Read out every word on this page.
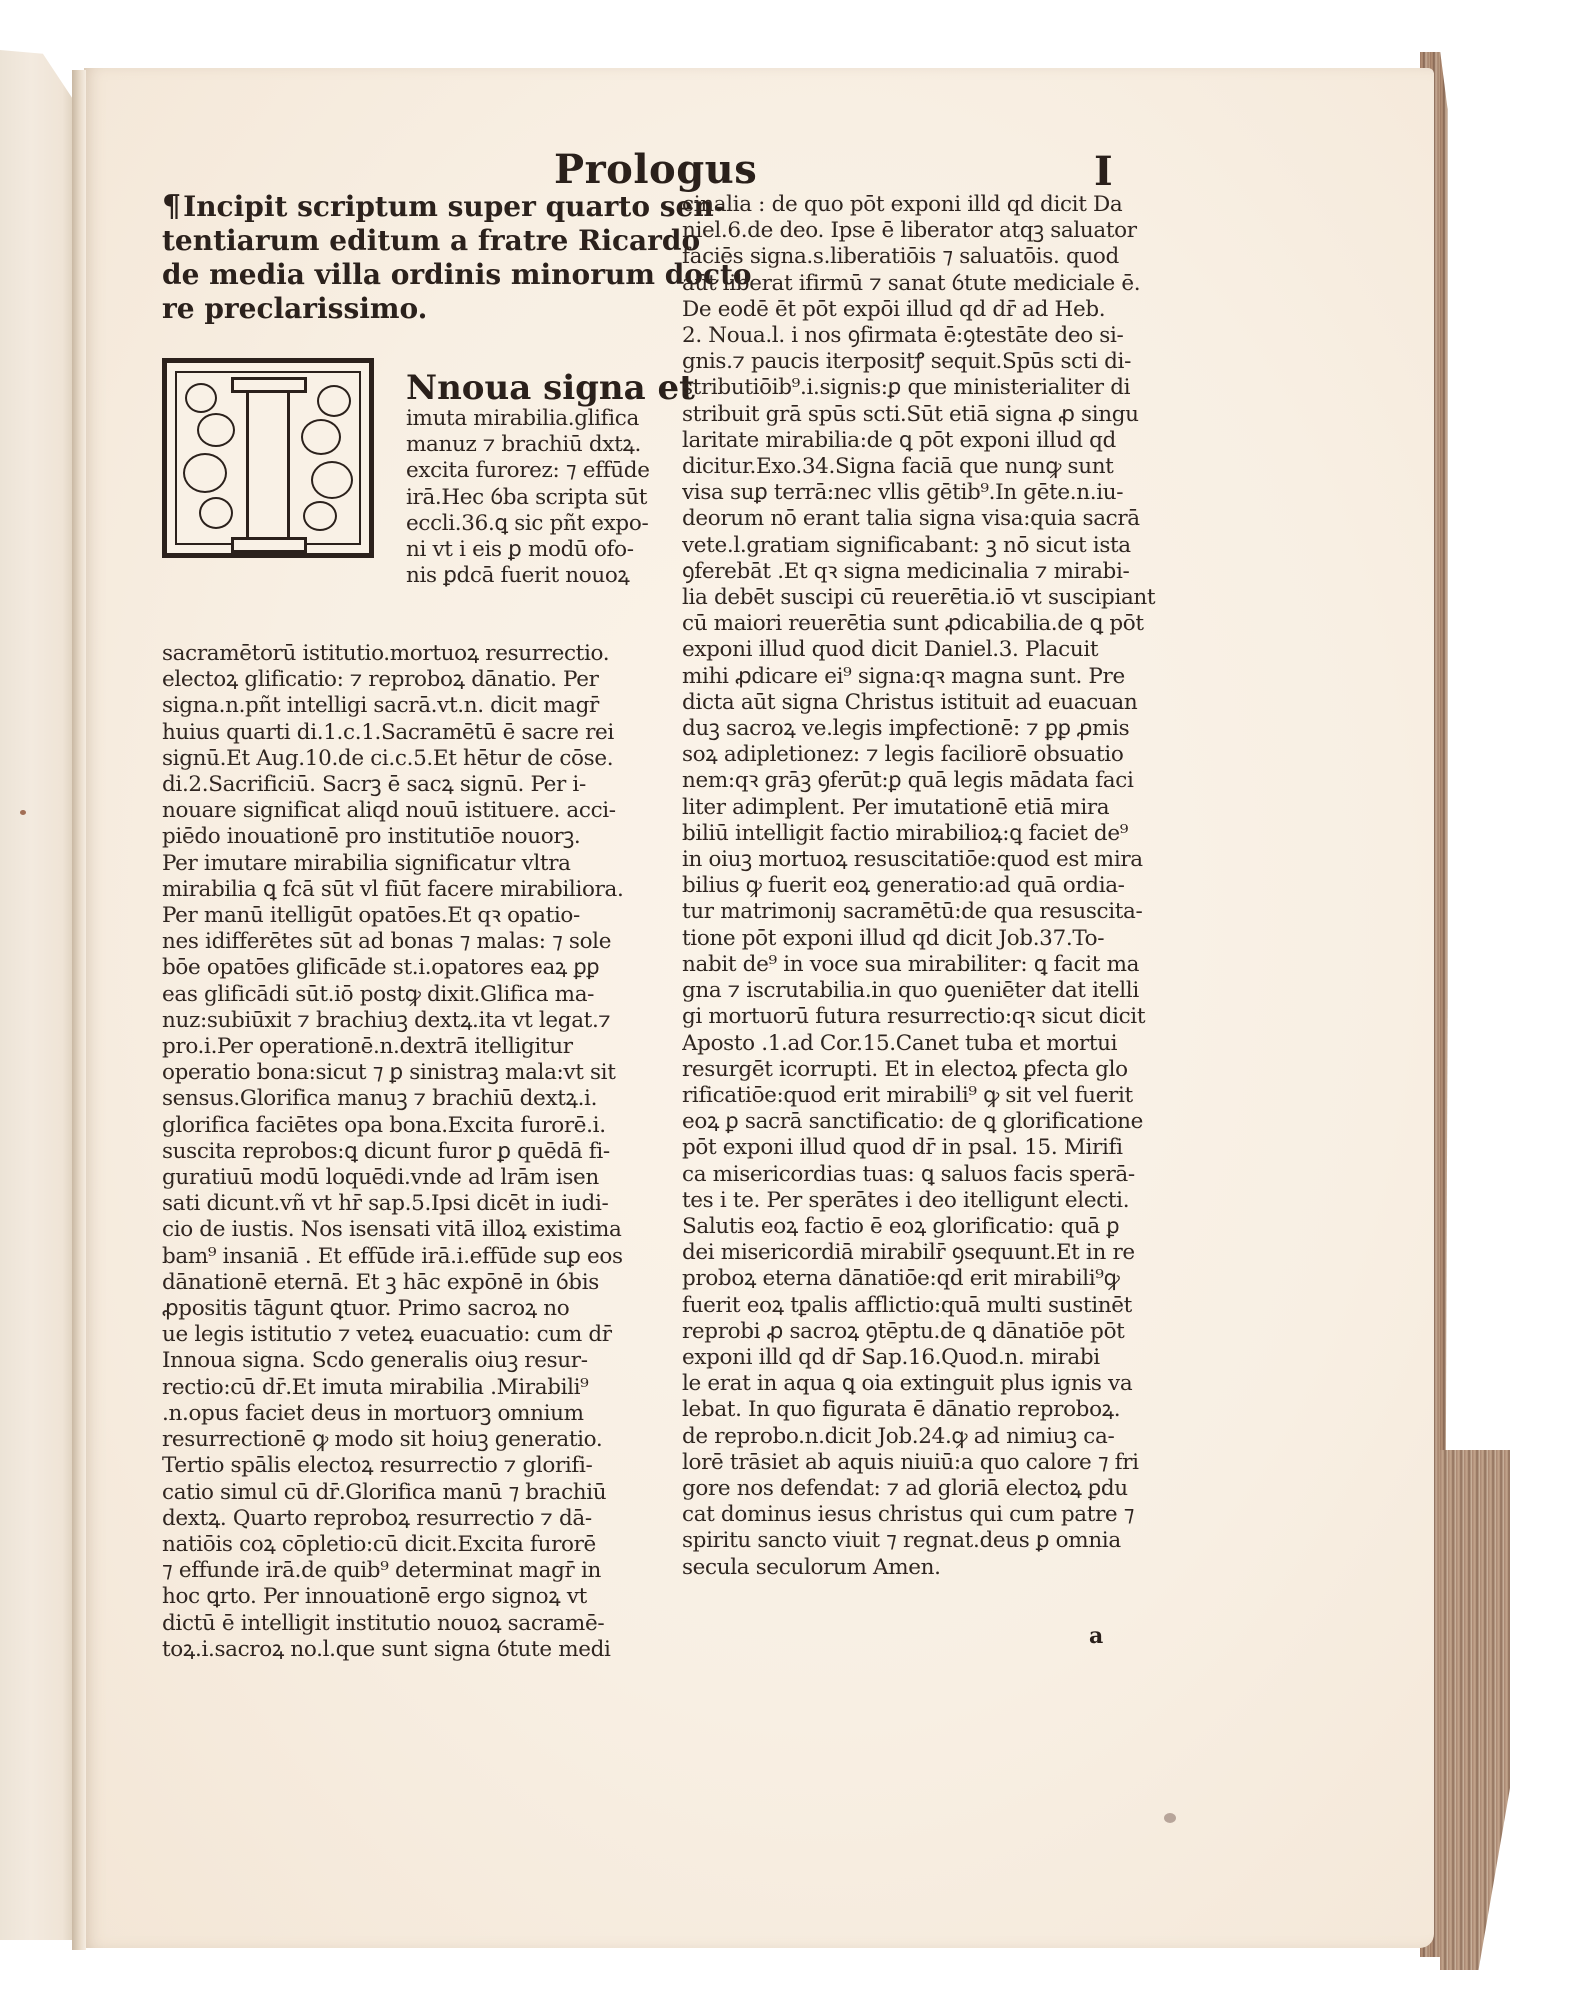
Prologus	I
¶Incipit scriptum super quarto sen-
tentiarum editum a fratre Ricardo
de media villa ordinis minorum docto
re preclarissimo.
Nnoua signa et
imuta mirabilia.glifica
manuz ⁊ brachiū dxtꝝ.
excita furorez: ⁊ effūde
irā.Hec ỽba scripta sūt
eccli.36.ꝗ sic pñt expo-
ni vt i eis ꝑ modū ofo-
nis ꝑdcā fuerit nouoꝝ
sacramētorū istitutio.mortuoꝝ resurrectio.
electoꝝ glificatio: ⁊ reproboꝝ dānatio. Per
signa.n.pñt intelligi sacrā.vt.n. dicit magr̄
huius quarti di.1.c.1.Sacramētū ē sacre rei
signū.Et Aug.10.de ci.c.5.Et hētur de cōse.
di.2.Sacrificiū. Sacrꝫ ē sacꝝ signū. Per i-
nouare significat aliqd nouū istituere. acci-
piēdo inouationē pro institutiōe nouorꝫ.
Per imutare mirabilia significatur vltra
mirabilia ꝗ fcā sūt vl fiūt facere mirabiliora.
Per manū itelligūt opatōes.Et qꝛ opatio-
nes idifferētes sūt ad bonas ⁊ malas: ⁊ sole
bōe opatōes glificāde st.i.opatores eaꝝ ꝑꝑ
eas glificādi sūt.iō postꝙ dixit.Glifica ma-
nuz:subiūxit ⁊ brachiuꝫ dextꝝ.ita vt legat.⁊
pro.i.Per operationē.n.dextrā itelligitur
operatio bona:sicut ⁊ ꝑ sinistraꝫ mala:vt sit
sensus.Glorifica manuꝫ ⁊ brachiū dextꝝ.i.
glorifica faciētes opa bona.Excita furorē.i.
suscita reprobos:ꝗ dicunt furor ꝑ quēdā fi-
guratiuū modū loquēdi.vnde ad lrām isen
sati dicunt.vñ vt hr̄ sap.5.Ipsi dicēt in iudi-
cio de iustis. Nos isensati vitā illoꝝ existima
bam⁹ insaniā . Et effūde irā.i.effūde suꝑ eos
dānationē eternā. Et ꝫ hāc expōnē in ỽbis
ꝓpositis tāgunt ꝗtuor. Primo sacroꝝ no
ue legis istitutio ⁊ veteꝝ euacuatio: cum dr̄
Innoua signa. Scdo generalis oiuꝫ resur-
rectio:cū dr̄.Et imuta mirabilia .Mirabili⁹
.n.opus faciet deus in mortuorꝫ omnium
resurrectionē ꝙ modo sit hoiuꝫ generatio.
Tertio spālis electoꝝ resurrectio ⁊ glorifi-
catio simul cū dr̄.Glorifica manū ⁊ brachiū
dextꝝ. Quarto reproboꝝ resurrectio ⁊ dā-
natiōis coꝝ cōpletio:cū dicit.Excita furorē
⁊ effunde irā.de quib⁹ determinat magr̄ in
hoc ꝗrto. Per innouationē ergo signoꝝ vt
dictū ē intelligit institutio nouoꝝ sacramē-
toꝝ.i.sacroꝝ no.l.que sunt signa ỽtute medi
cinalia : de quo pōt exponi illd qd dicit Da
niel.6.de deo. Ipse ē liberator atqꝫ saluator
faciēs signa.s.liberatiōis ⁊ saluatōis. quod
aūt liberat ifirmū ⁊ sanat ỽtute mediciale ē.
De eodē ēt pōt expōi illud qd dr̄ ad Heb.
2. Noua.l. i nos ꝯfirmata ē:ꝯtestāte deo si-
gnis.⁊ paucis iterpositꝭ sequit.Spūs scti di-
stributiōib⁹.i.signis:ꝑ que ministerialiter di
stribuit grā spūs scti.Sūt etiā signa ꝓ singu
laritate mirabilia:de ꝗ pōt exponi illud qd
dicitur.Exo.34.Signa faciā que nunꝙ sunt
visa suꝑ terrā:nec vllis gētib⁹.In gēte.n.iu-
deorum nō erant talia signa visa:quia sacrā
vete.l.gratiam significabant: ꝫ nō sicut ista
ꝯferebāt .Et qꝛ signa medicinalia ⁊ mirabi-
lia debēt suscipi cū reuerētia.iō vt suscipiant
cū maiori reuerētia sunt ꝓdicabilia.de ꝗ pōt
exponi illud quod dicit Daniel.3. Placuit
mihi ꝓdicare ei⁹ signa:qꝛ magna sunt. Pre
dicta aūt signa Christus istituit ad euacuan
duꝫ sacroꝝ ve.legis imꝑfectionē: ⁊ ꝑꝑ ꝓmis
soꝝ adipletionez: ⁊ legis faciliorē obsuatio
nem:qꝛ grāꝫ ꝯferūt:ꝑ quā legis mādata faci
liter adimplent. Per imutationē etiā mira
biliū intelligit factio mirabilioꝝ:ꝗ faciet de⁹
in oiuꝫ mortuoꝝ resuscitatiōe:quod est mira
bilius ꝙ fuerit eoꝝ generatio:ad quā ordia-
tur matrimoniȷ sacramētū:de qua resuscita-
tione pōt exponi illud qd dicit Job.37.To-
nabit de⁹ in voce sua mirabiliter: ꝗ facit ma
gna ⁊ iscrutabilia.in quo ꝯueniēter dat itelli
gi mortuorū futura resurrectio:qꝛ sicut dicit
Aposto .1.ad Cor.15.Canet tuba et mortui
resurgēt icorrupti. Et in electoꝝ ꝑfecta glo
rificatiōe:quod erit mirabili⁹ ꝙ sit vel fuerit
eoꝝ ꝑ sacrā sanctificatio: de ꝗ glorificatione
pōt exponi illud quod dr̄ in psal. 15. Mirifi
ca misericordias tuas: ꝗ saluos facis sperā-
tes i te. Per sperātes i deo itelligunt electi.
Salutis eoꝝ factio ē eoꝝ glorificatio: quā ꝑ
dei misericordiā mirabilr̄ ꝯsequunt.Et in re
proboꝝ eterna dānatiōe:qd erit mirabili⁹ꝙ
fuerit eoꝝ tꝑalis afflictio:quā multi sustinēt
reprobi ꝓ sacroꝝ ꝯtēptu.de ꝗ dānatiōe pōt
exponi illd qd dr̄ Sap.16.Quod.n. mirabi
le erat in aqua ꝗ oia extinguit plus ignis va
lebat. In quo figurata ē dānatio reproboꝝ.
de reprobo.n.dicit Job.24.ꝙ ad nimiuꝫ ca-
lorē trāsiet ab aquis niuiū:a quo calore ⁊ fri
gore nos defendat: ⁊ ad gloriā electoꝝ ꝑdu
cat dominus iesus christus qui cum patre ⁊
spiritu sancto viuit ⁊ regnat.deus ꝑ omnia
secula seculorum Amen.
a
